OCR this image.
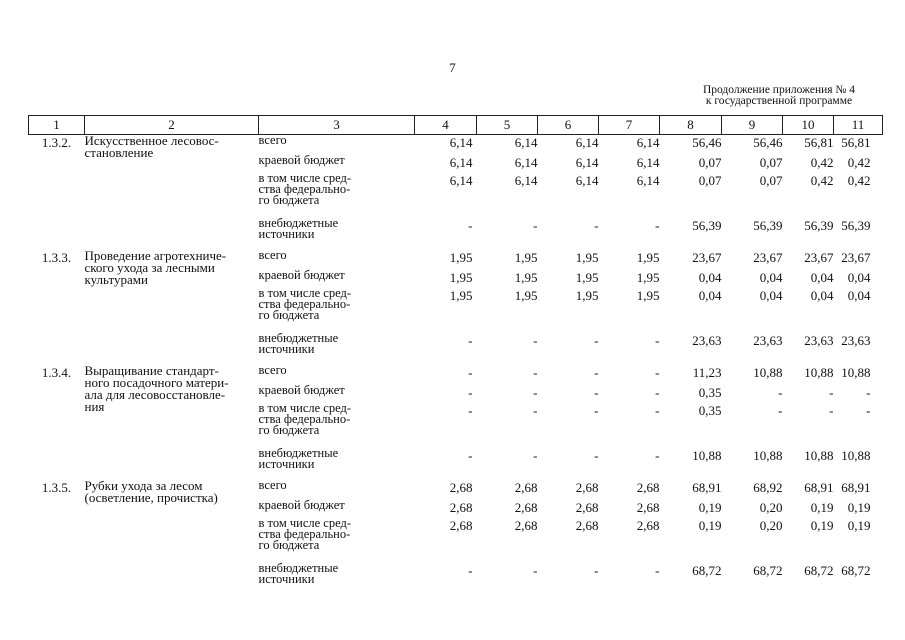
7
Продолжение приложения № 4
к государственной программе
1	2	3	4	5	6	7	8	9	10	11
1.3.2.	Искусственное лесовос-
становление	всего	6,14	6,14	6,14	6,14	56,46	56,46	56,81	56,81

		краевой бюджет	6,14	6,14	6,14	6,14	0,07	0,07	0,42	0,42

		в том числе сред-
ства федерально-
го бюджета	6,14	6,14	6,14	6,14	0,07	0,07	0,42	0,42

		внебюджетные
источники	-	-	-	-	56,39	56,39	56,39	56,39
1.3.3.	Проведение агротехниче-
ского ухода за лесными
культурами	всего	1,95	1,95	1,95	1,95	23,67	23,67	23,67	23,67

		краевой бюджет	1,95	1,95	1,95	1,95	0,04	0,04	0,04	0,04

		в том числе сред-
ства федерально-
го бюджета	1,95	1,95	1,95	1,95	0,04	0,04	0,04	0,04

		внебюджетные
источники	-	-	-	-	23,63	23,63	23,63	23,63
1.3.4.	Выращивание стандарт-
ного посадочного матери-
ала для лесовосстановле-
ния	всего	-	-	-	-	11,23	10,88	10,88	10,88

		краевой бюджет	-	-	-	-	0,35	-	-	-

		в том числе сред-
ства федерально-
го бюджета	-	-	-	-	0,35	-	-	-

		внебюджетные
источники	-	-	-	-	10,88	10,88	10,88	10,88
1.3.5.	Рубки ухода за лесом
(осветление, прочистка)	всего	2,68	2,68	2,68	2,68	68,91	68,92	68,91	68,91

		краевой бюджет	2,68	2,68	2,68	2,68	0,19	0,20	0,19	0,19

		в том числе сред-
ства федерально-
го бюджета	2,68	2,68	2,68	2,68	0,19	0,20	0,19	0,19

		внебюджетные
источники	-	-	-	-	68,72	68,72	68,72	68,72
